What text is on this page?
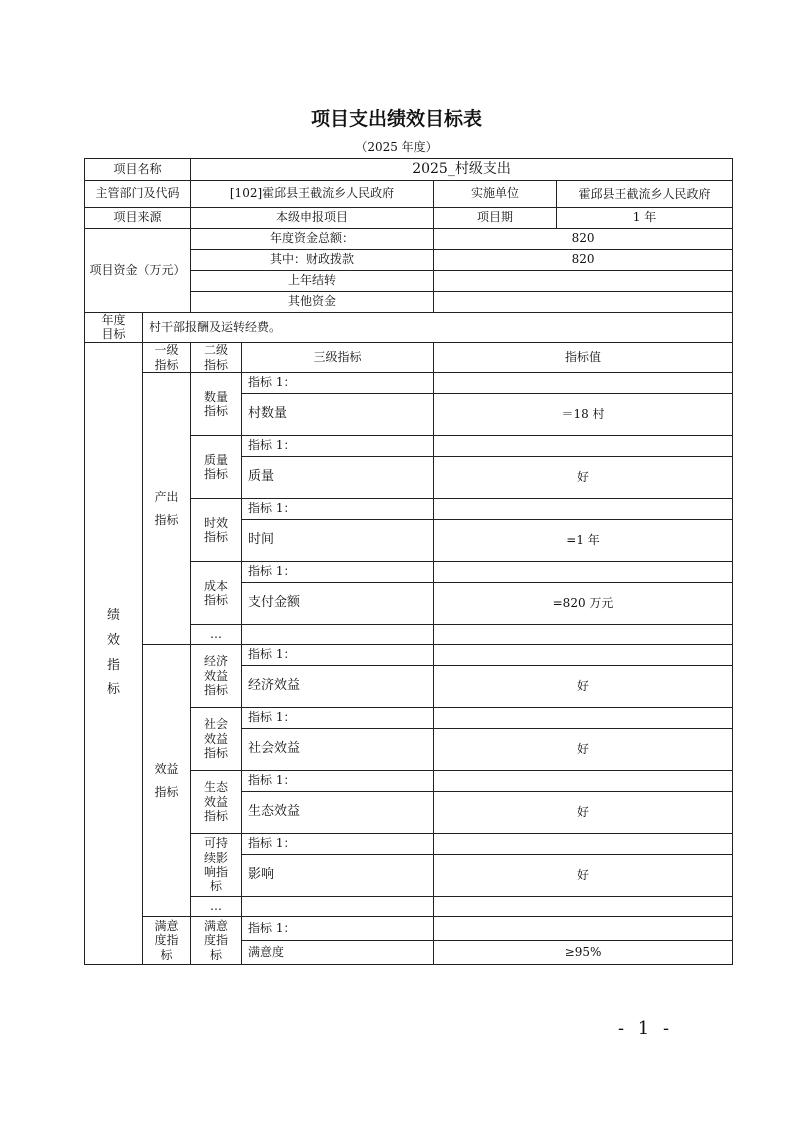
项目支出绩效目标表
（2025 年度）
项目名称		2025_村级支出			
主管部门及代码		[102]霍邱县王截流乡人民政府		实施单位	霍邱县王截流乡人民政府
项目来源		本级申报项目		项目期	1 年
项目资金（万元）		年度资金总额：		820	
		其中：财政拨款		820	
		上年结转			
		其他资金			
年度目标	村干部报酬及运转经费。				
绩效指标	一级指标	二级指标	三级指标	指标值	
	产出指标	数量指标	指标 1：		
			村数量	＝18 村	
		质量指标	指标 1：		
			质量	好	
		时效指标	指标 1：		
			时间	=1 年	
		成本指标	指标 1：		
			支付金额	=820 万元	
		…			
	效益指标	经济效益指标	指标 1：		
			经济效益	好	
		社会效益指标	指标 1：		
			社会效益	好	
		生态效益指标	指标 1：		
			生态效益	好	
		可持续影响指标	指标 1：		
			影响	好	
		…			
	满意度指标	满意度指标	指标 1：		
			满意度	≥95%	
- 1 -
